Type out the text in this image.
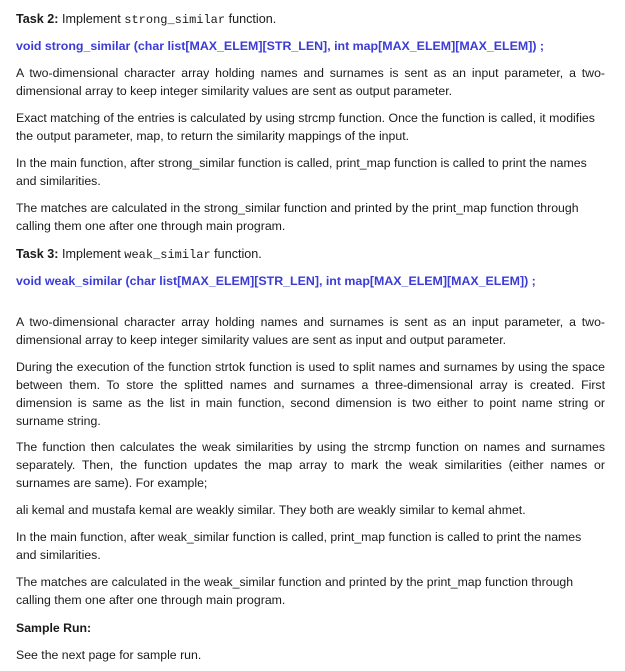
Task 2: Implement strong_similar function.

void strong_similar (char list[MAX_ELEM][STR_LEN], int map[MAX_ELEM][MAX_ELEM]) ;

A two-dimensional character array holding names and surnames is sent as an input parameter, a two-dimensional array to keep integer similarity values are sent as output parameter.

Exact matching of the entries is calculated by using strcmp function. Once the function is called, it modifies the output parameter, map, to return the similarity mappings of the input.

In the main function, after strong_similar function is called, print_map function is called to print the names and similarities.

The matches are calculated in the strong_similar function and printed by the print_map function through calling them one after one through main program.

Task 3: Implement weak_similar function.

void weak_similar (char list[MAX_ELEM][STR_LEN], int map[MAX_ELEM][MAX_ELEM]) ;

A two-dimensional character array holding names and surnames is sent as an input parameter, a two-dimensional array to keep integer similarity values are sent as input and output parameter.

During the execution of the function strtok function is used to split names and surnames by using the space between them. To store the splitted names and surnames a three-dimensional array is created. First dimension is same as the list in main function, second dimension is two either to point name string or surname string.

The function then calculates the weak similarities by using the strcmp function on names and surnames separately. Then, the function updates the map array to mark the weak similarities (either names or surnames are same). For example;

ali kemal and mustafa kemal are weakly similar. They both are weakly similar to kemal ahmet.

In the main function, after weak_similar function is called, print_map function is called to print the names and similarities.

The matches are calculated in the weak_similar function and printed by the print_map function through calling them one after one through main program.

Sample Run:

See the next page for sample run.
